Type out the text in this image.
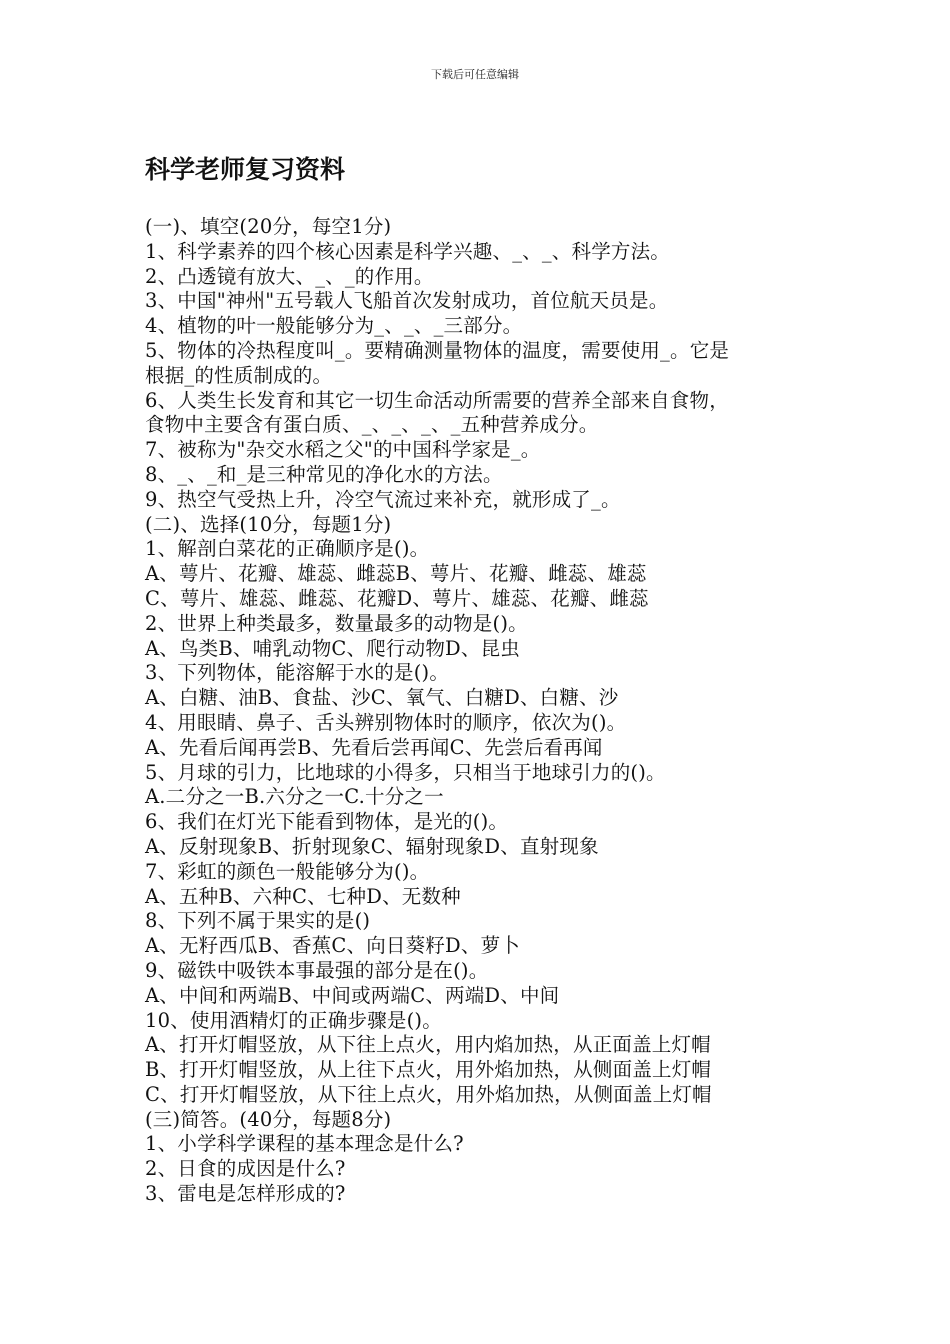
下载后可任意编辑
科学老师复习资料
(一)、填空(20分，每空1分)
1、科学素养的四个核心因素是科学兴趣、_、_、科学方法。
2、凸透镜有放大、_、_的作用。
3、中国"神州"五号载人飞船首次发射成功，首位航天员是。
4、植物的叶一般能够分为_、_、_三部分。
5、物体的冷热程度叫_。要精确测量物体的温度，需要使用_。它是
根据_的性质制成的。
6、人类生长发育和其它一切生命活动所需要的营养全部来自食物，
食物中主要含有蛋白质、_、_、_、_五种营养成分。
7、被称为"杂交水稻之父"的中国科学家是_。
8、_、_和_是三种常见的净化水的方法。
9、热空气受热上升，冷空气流过来补充，就形成了_。
(二)、选择(10分，每题1分)
1、解剖白菜花的正确顺序是()。
A、萼片、花瓣、雄蕊、雌蕊B、萼片、花瓣、雌蕊、雄蕊
C、萼片、雄蕊、雌蕊、花瓣D、萼片、雄蕊、花瓣、雌蕊
2、世界上种类最多，数量最多的动物是()。
A、鸟类B、哺乳动物C、爬行动物D、昆虫
3、下列物体，能溶解于水的是()。
A、白糖、油B、食盐、沙C、氧气、白糖D、白糖、沙
4、用眼睛、鼻子、舌头辨别物体时的顺序，依次为()。
A、先看后闻再尝B、先看后尝再闻C、先尝后看再闻
5、月球的引力，比地球的小得多，只相当于地球引力的()。
A.二分之一B.六分之一C.十分之一
6、我们在灯光下能看到物体，是光的()。
A、反射现象B、折射现象C、辐射现象D、直射现象
7、彩虹的颜色一般能够分为()。
A、五种B、六种C、七种D、无数种
8、下列不属于果实的是()
A、无籽西瓜B、香蕉C、向日葵籽D、萝卜
9、磁铁中吸铁本事最强的部分是在()。
A、中间和两端B、中间或两端C、两端D、中间
10、使用酒精灯的正确步骤是()。
A、打开灯帽竖放，从下往上点火，用内焰加热，从正面盖上灯帽
B、打开灯帽竖放，从上往下点火，用外焰加热，从侧面盖上灯帽
C、打开灯帽竖放，从下往上点火，用外焰加热，从侧面盖上灯帽
(三)简答。(40分，每题8分)
1、小学科学课程的基本理念是什么?
2、日食的成因是什么?
3、雷电是怎样形成的?
